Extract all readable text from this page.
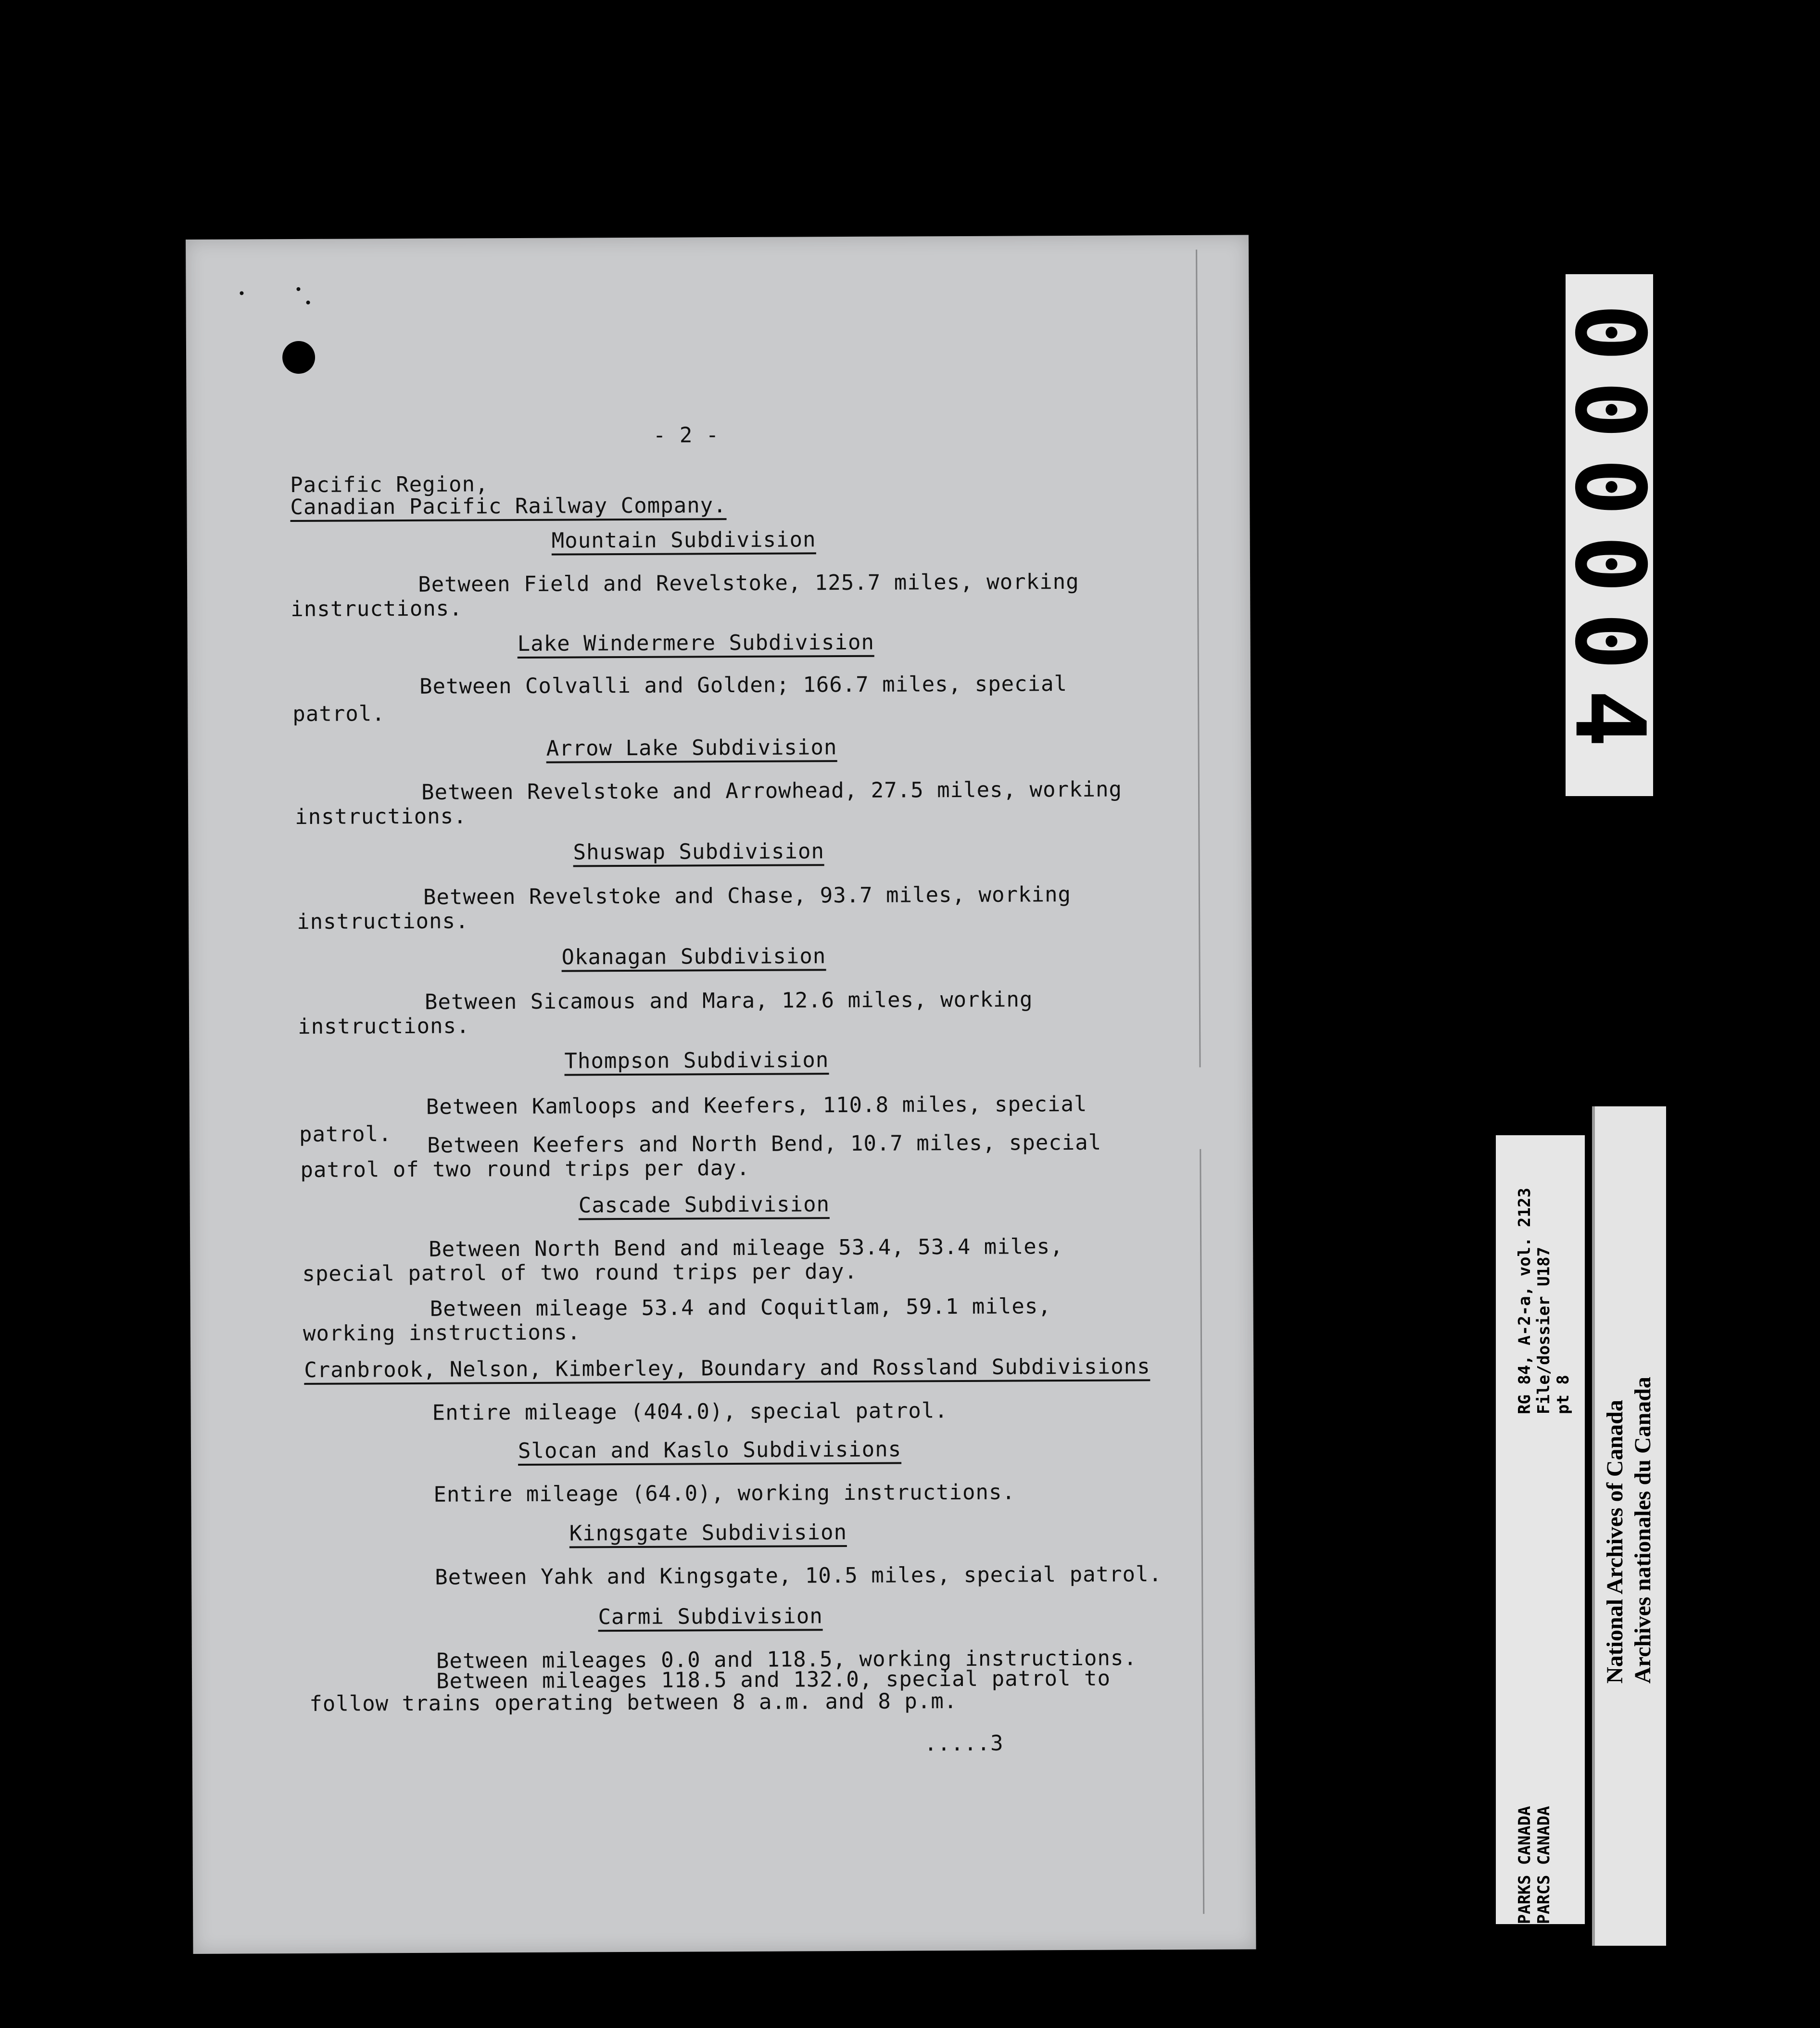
- 2 -
Pacific Region,
Canadian Pacific Railway Company.
Mountain Subdivision
Between Field and Revelstoke, 125.7 miles, working
instructions.
Lake Windermere Subdivision
Between Colvalli and Golden; 166.7 miles, special
patrol.
Arrow Lake Subdivision
Between Revelstoke and Arrowhead, 27.5 miles, working
instructions.
Shuswap Subdivision
Between Revelstoke and Chase, 93.7 miles, working
instructions.
Okanagan Subdivision
Between Sicamous and Mara, 12.6 miles, working
instructions.
Thompson Subdivision
Between Kamloops and Keefers, 110.8 miles, special
patrol. Between Keefers and North Bend, 10.7 miles, special
patrol of two round trips per day.
Cascade Subdivision
Between North Bend and mileage 53.4, 53.4 miles,
special patrol of two round trips per day.
Between mileage 53.4 and Coquitlam, 59.1 miles,
working instructions.
Cranbrook, Nelson, Kimberley, Boundary and Rossland Subdivisions
Entire mileage (404.0), special patrol.
Slocan and Kaslo Subdivisions
Entire mileage (64.0), working instructions.
Kingsgate Subdivision
Between Yahk and Kingsgate, 10.5 miles, special patrol.
Carmi Subdivision
Between mileages 0.0 and 118.5, working instructions.
Between mileages 118.5 and 132.0, special patrol to
follow trains operating between 8 a.m. and 8 p.m.
.....3
000004
RG 84, A-2-a, vol. 2123 File/dossier U187 pt 8
PARKS CANADA PARCS CANADA
National Archives of Canada Archives nationales du Canada
